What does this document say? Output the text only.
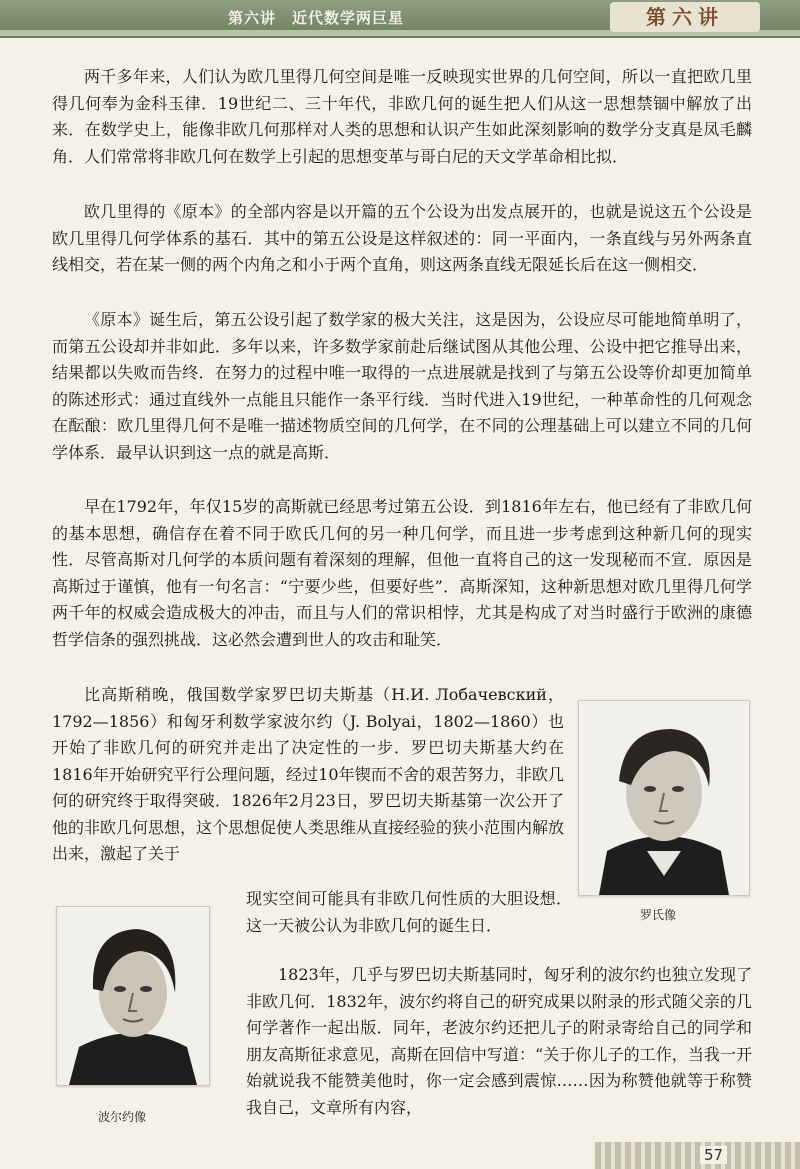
第六讲　近代数学两巨星	第六讲

两千多年来，人们认为欧几里得几何空间是唯一反映现实世界的几何空间，所以一直把欧几里得几何奉为金科玉律．19世纪二、三十年代，非欧几何的诞生把人们从这一思想禁锢中解放了出来．在数学史上，能像非欧几何那样对人类的思想和认识产生如此深刻影响的数学分支真是凤毛麟角．人们常常将非欧几何在数学上引起的思想变革与哥白尼的天文学革命相比拟．

欧几里得的《原本》的全部内容是以开篇的五个公设为出发点展开的，也就是说这五个公设是欧几里得几何学体系的基石．其中的第五公设是这样叙述的：同一平面内，一条直线与另外两条直线相交，若在某一侧的两个内角之和小于两个直角，则这两条直线无限延长后在这一侧相交．

《原本》诞生后，第五公设引起了数学家的极大关注，这是因为，公设应尽可能地简单明了，而第五公设却并非如此．多年以来，许多数学家前赴后继试图从其他公理、公设中把它推导出来，结果都以失败而告终．在努力的过程中唯一取得的一点进展就是找到了与第五公设等价却更加简单的陈述形式：通过直线外一点能且只能作一条平行线．当时代进入19世纪，一种革命性的几何观念在酝酿：欧几里得几何不是唯一描述物质空间的几何学，在不同的公理基础上可以建立不同的几何学体系．最早认识到这一点的就是高斯．

早在1792年，年仅15岁的高斯就已经思考过第五公设．到1816年左右，他已经有了非欧几何的基本思想，确信存在着不同于欧氏几何的另一种几何学，而且进一步考虑到这种新几何的现实性．尽管高斯对几何学的本质问题有着深刻的理解，但他一直将自己的这一发现秘而不宣．原因是高斯过于谨慎，他有一句名言：“宁要少些，但要好些”．高斯深知，这种新思想对欧几里得几何学两千年的权威会造成极大的冲击，而且与人们的常识相悖，尤其是构成了对当时盛行于欧洲的康德哲学信条的强烈挑战．这必然会遭到世人的攻击和耻笑．

比高斯稍晚，俄国数学家罗巴切夫斯基（Н.И. Лобачевский，1792—1856）和匈牙利数学家波尔约（J. Bolyai，1802—1860）也开始了非欧几何的研究并走出了决定性的一步．罗巴切夫斯基大约在1816年开始研究平行公理问题，经过10年锲而不舍的艰苦努力，非欧几何的研究终于取得突破．1826年2月23日，罗巴切夫斯基第一次公开了他的非欧几何思想，这个思想促使人类思维从直接经验的狭小范围内解放出来，激起了关于

罗氏像

现实空间可能具有非欧几何性质的大胆设想．这一天被公认为非欧几何的诞生日．

波尔约像

1823年，几乎与罗巴切夫斯基同时，匈牙利的波尔约也独立发现了非欧几何．1832年，波尔约将自己的研究成果以附录的形式随父亲的几何学著作一起出版．同年，老波尔约还把儿子的附录寄给自己的同学和朋友高斯征求意见，高斯在回信中写道：“关于你儿子的工作，当我一开始就说我不能赞美他时，你一定会感到震惊……因为称赞他就等于称赞我自己，文章所有内容，

57
